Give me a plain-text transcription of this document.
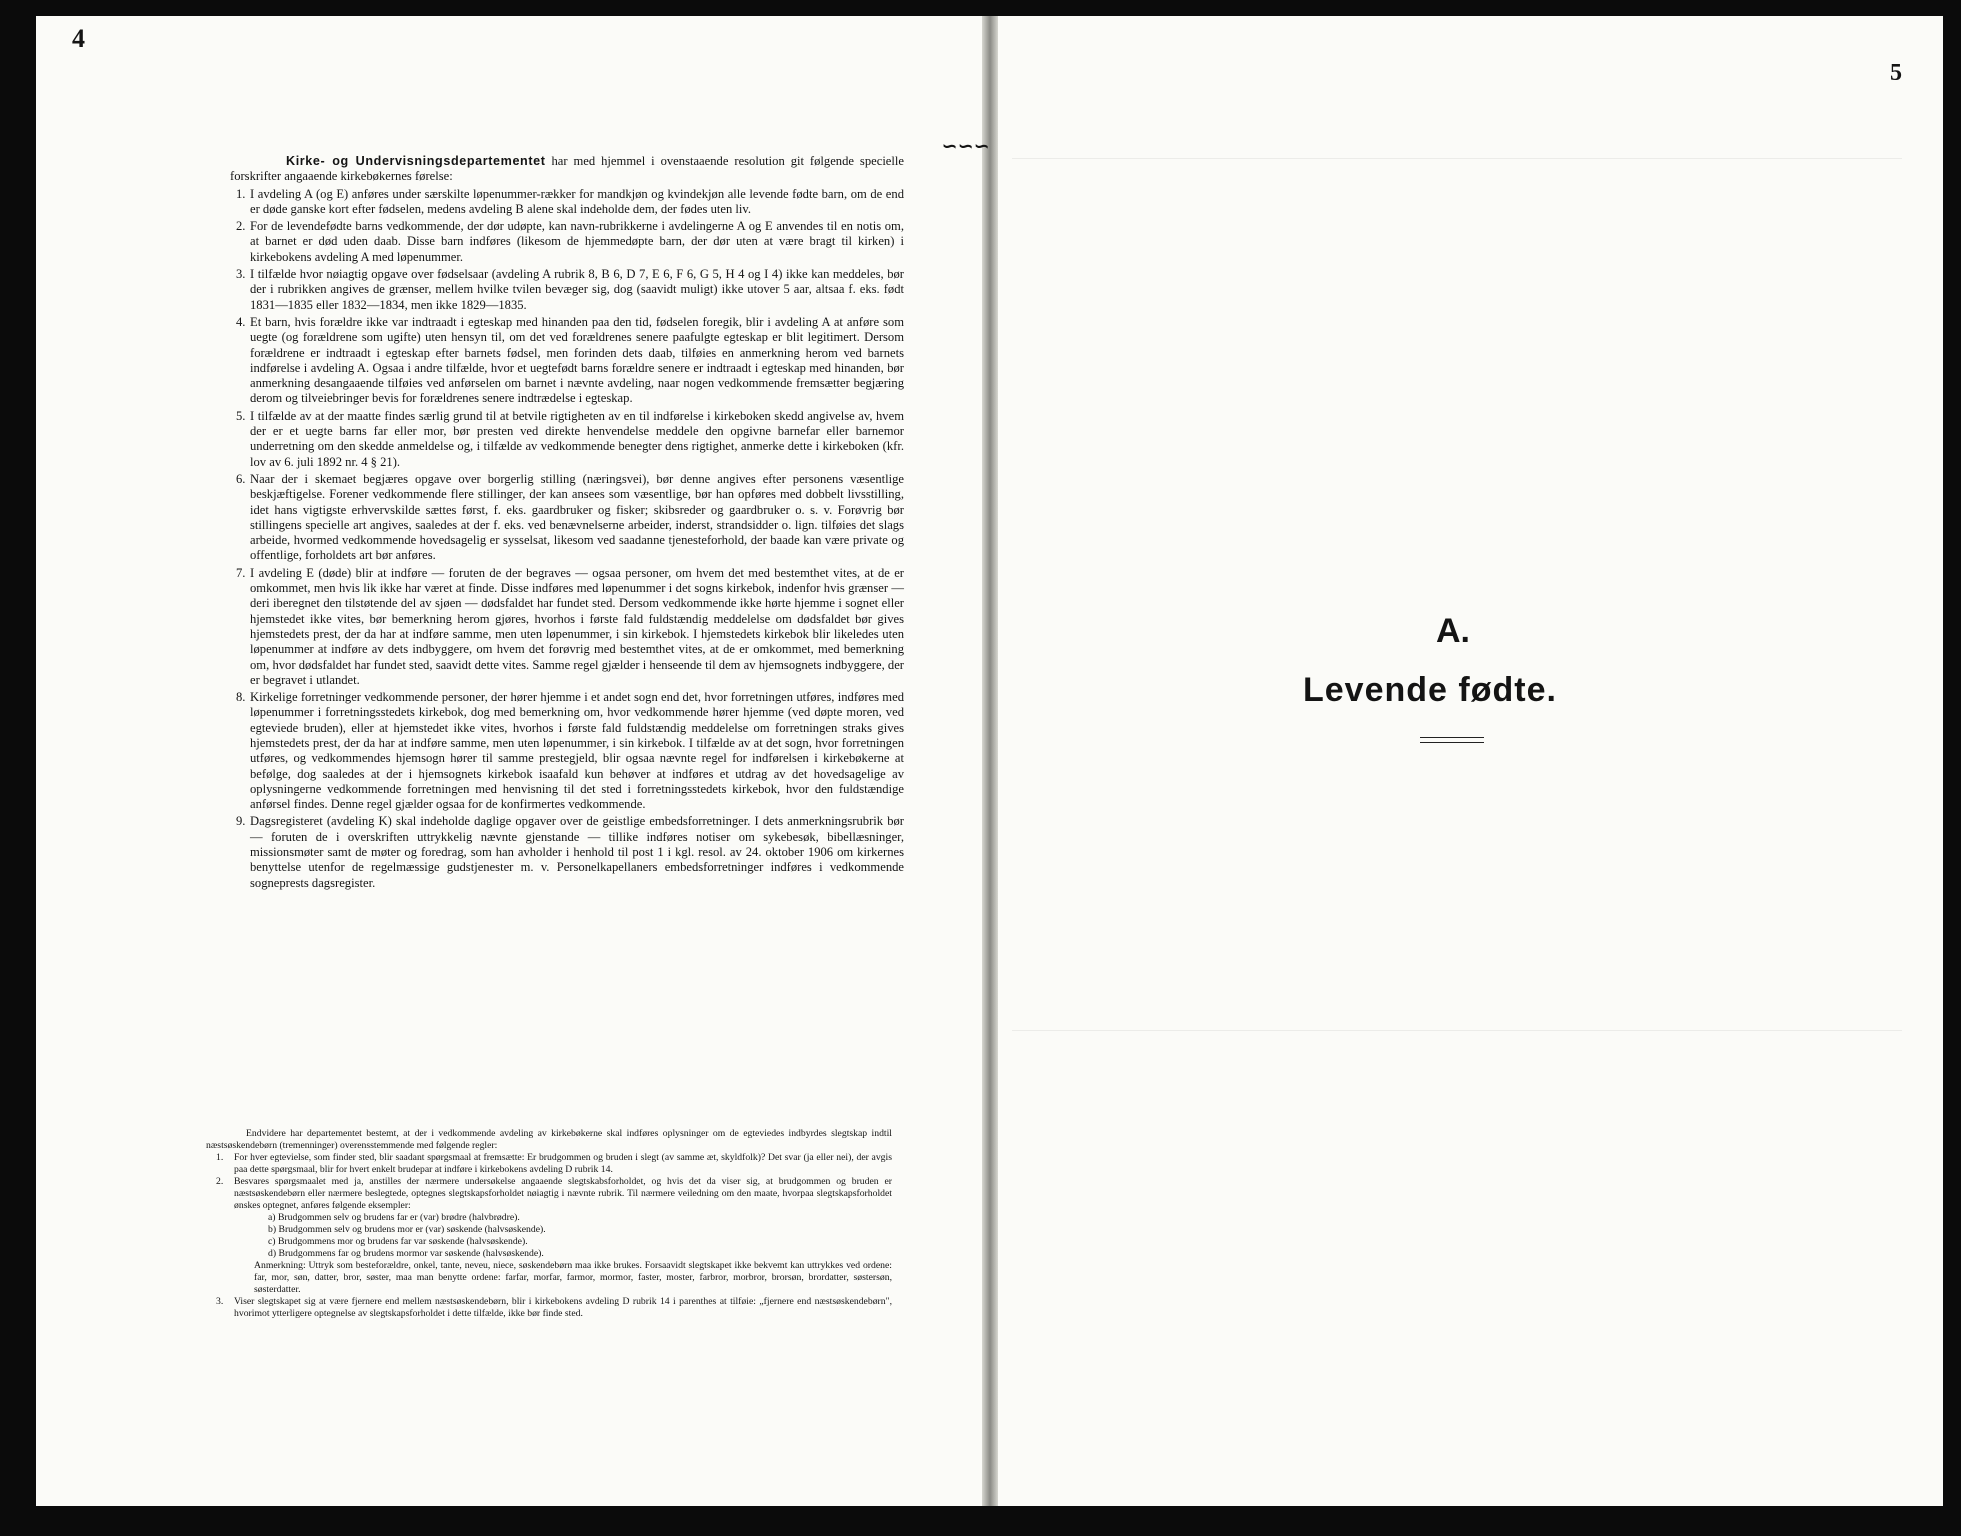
4
5
∽∽∽

Kirke- og Undervisningsdepartementet har med hjemmel i ovenstaaende resolution git følgende specielle forskrifter angaaende kirkebøkernes førelse:

1. I avdeling A (og E) anføres under særskilte løpenummer-rækker for mandkjøn og kvindekjøn alle levende fødte barn, om de end er døde ganske kort efter fødselen, medens avdeling B alene skal indeholde dem, der fødes uten liv.

2. For de levendefødte barns vedkommende, der dør udøpte, kan navn-rubrikkerne i avdelingerne A og E anvendes til en notis om, at barnet er død uden daab. Disse barn indføres (likesom de hjemmedøpte barn, der dør uten at være bragt til kirken) i kirkebokens avdeling A med løpenummer.

3. I tilfælde hvor nøiagtig opgave over fødselsaar (avdeling A rubrik 8, B 6, D 7, E 6, F 6, G 5, H 4 og I 4) ikke kan meddeles, bør der i rubrikken angives de grænser, mellem hvilke tvilen bevæger sig, dog (saavidt muligt) ikke utover 5 aar, altsaa f. eks. født 1831—1835 eller 1832—1834, men ikke 1829—1835.

4. Et barn, hvis forældre ikke var indtraadt i egteskap med hinanden paa den tid, fødselen foregik, blir i avdeling A at anføre som uegte (og forældrene som ugifte) uten hensyn til, om det ved forældrenes senere paafulgte egteskap er blit legitimert. Dersom forældrene er indtraadt i egteskap efter barnets fødsel, men forinden dets daab, tilføies en anmerkning herom ved barnets indførelse i avdeling A. Ogsaa i andre tilfælde, hvor et uegtefødt barns forældre senere er indtraadt i egteskap med hinanden, bør anmerkning desangaaende tilføies ved anførselen om barnet i nævnte avdeling, naar nogen vedkommende fremsætter begjæring derom og tilveiebringer bevis for forældrenes senere indtrædelse i egteskap.

5. I tilfælde av at der maatte findes særlig grund til at betvile rigtigheten av en til indførelse i kirkeboken skedd angivelse av, hvem der er et uegte barns far eller mor, bør presten ved direkte henvendelse meddele den opgivne barnefar eller barnemor underretning om den skedde anmeldelse og, i tilfælde av vedkommende benegter dens rigtighet, anmerke dette i kirkeboken (kfr. lov av 6. juli 1892 nr. 4 § 21).

6. Naar der i skemaet begjæres opgave over borgerlig stilling (næringsvei), bør denne angives efter personens væsentlige beskjæftigelse. Forener vedkommende flere stillinger, der kan ansees som væsentlige, bør han opføres med dobbelt livsstilling, idet hans vigtigste erhvervskilde sættes først, f. eks. gaardbruker og fisker; skibsreder og gaardbruker o. s. v. Forøvrig bør stillingens specielle art angives, saaledes at der f. eks. ved benævnelserne arbeider, inderst, strandsidder o. lign. tilføies det slags arbeide, hvormed vedkommende hovedsagelig er sysselsat, likesom ved saadanne tjenesteforhold, der baade kan være private og offentlige, forholdets art bør anføres.

7. I avdeling E (døde) blir at indføre — foruten de der begraves — ogsaa personer, om hvem det med bestemthet vites, at de er omkommet, men hvis lik ikke har været at finde. Disse indføres med løpenummer i det sogns kirkebok, indenfor hvis grænser — deri iberegnet den tilstøtende del av sjøen — dødsfaldet har fundet sted. Dersom vedkommende ikke hørte hjemme i sognet eller hjemstedet ikke vites, bør bemerkning herom gjøres, hvorhos i første fald fuldstændig meddelelse om dødsfaldet bør gives hjemstedets prest, der da har at indføre samme, men uten løpenummer, i sin kirkebok. I hjemstedets kirkebok blir likeledes uten løpenummer at indføre av dets indbyggere, om hvem det forøvrig med bestemthet vites, at de er omkommet, med bemerkning om, hvor dødsfaldet har fundet sted, saavidt dette vites. Samme regel gjælder i henseende til dem av hjemsognets indbyggere, der er begravet i utlandet.

8. Kirkelige forretninger vedkommende personer, der hører hjemme i et andet sogn end det, hvor forretningen utføres, indføres med løpenummer i forretningsstedets kirkebok, dog med bemerkning om, hvor vedkommende hører hjemme (ved døpte moren, ved egteviede bruden), eller at hjemstedet ikke vites, hvorhos i første fald fuldstændig meddelelse om forretningen straks gives hjemstedets prest, der da har at indføre samme, men uten løpenummer, i sin kirkebok. I tilfælde av at det sogn, hvor forretningen utføres, og vedkommendes hjemsogn hører til samme prestegjeld, blir ogsaa nævnte regel for indførelsen i kirkebøkerne at befølge, dog saaledes at der i hjemsognets kirkebok isaafald kun behøver at indføres et utdrag av det hovedsagelige av oplysningerne vedkommende forretningen med henvisning til det sted i forretningsstedets kirkebok, hvor den fuldstændige anførsel findes. Denne regel gjælder ogsaa for de konfirmertes vedkommende.

9. Dagsregisteret (avdeling K) skal indeholde daglige opgaver over de geistlige embedsforretninger. I dets anmerkningsrubrik bør — foruten de i overskriften uttrykkelig nævnte gjenstande — tillike indføres notiser om sykebesøk, bibellæsninger, missionsmøter samt de møter og foredrag, som han avholder i henhold til post 1 i kgl. resol. av 24. oktober 1906 om kirkernes benyttelse utenfor de regelmæssige gudstjenester m. v. Personelkapellaners embedsforretninger indføres i vedkommende sogneprests dagsregister.

Endvidere har departementet bestemt, at der i vedkommende avdeling av kirkebøkerne skal indføres oplysninger om de egteviedes indbyrdes slegtskap indtil næstsøskendebørn (tremenninger) overensstemmende med følgende regler:

1. For hver egtevielse, som finder sted, blir saadant spørgsmaal at fremsætte: Er brudgommen og bruden i slegt (av samme æt, skyldfolk)? Det svar (ja eller nei), der avgis paa dette spørgsmaal, blir for hvert enkelt brudepar at indføre i kirkebokens avdeling D rubrik 14.

2. Besvares spørgsmaalet med ja, anstilles der nærmere undersøkelse angaaende slegtskabsforholdet, og hvis det da viser sig, at brudgommen og bruden er næstsøskendebørn eller nærmere beslegtede, optegnes slegtskapsforholdet nøiagtig i nævnte rubrik. Til nærmere veiledning om den maate, hvorpaa slegtskapsforholdet ønskes optegnet, anføres følgende eksempler:

a) Brudgommen selv og brudens far er (var) brødre (halvbrødre).

b) Brudgommen selv og brudens mor er (var) søskende (halvsøskende).

c) Brudgommens mor og brudens far var søskende (halvsøskende).

d) Brudgommens far og brudens mormor var søskende (halvsøskende).

Anmerkning: Uttryk som besteforældre, onkel, tante, neveu, niece, søskendebørn maa ikke brukes. Forsaavidt slegtskapet ikke bekvemt kan uttrykkes ved ordene: far, mor, søn, datter, bror, søster, maa man benytte ordene: farfar, morfar, farmor, mormor, faster, moster, farbror, morbror, brorsøn, brordatter, søstersøn, søsterdatter.

3. Viser slegtskapet sig at være fjernere end mellem næstsøskendebørn, blir i kirkebokens avdeling D rubrik 14 i parenthes at tilføie: „fjernere end næstsøskendebørn", hvorimot ytterligere optegnelse av slegtskapsforholdet i dette tilfælde, ikke bør finde sted.

A.
Levende fødte.
